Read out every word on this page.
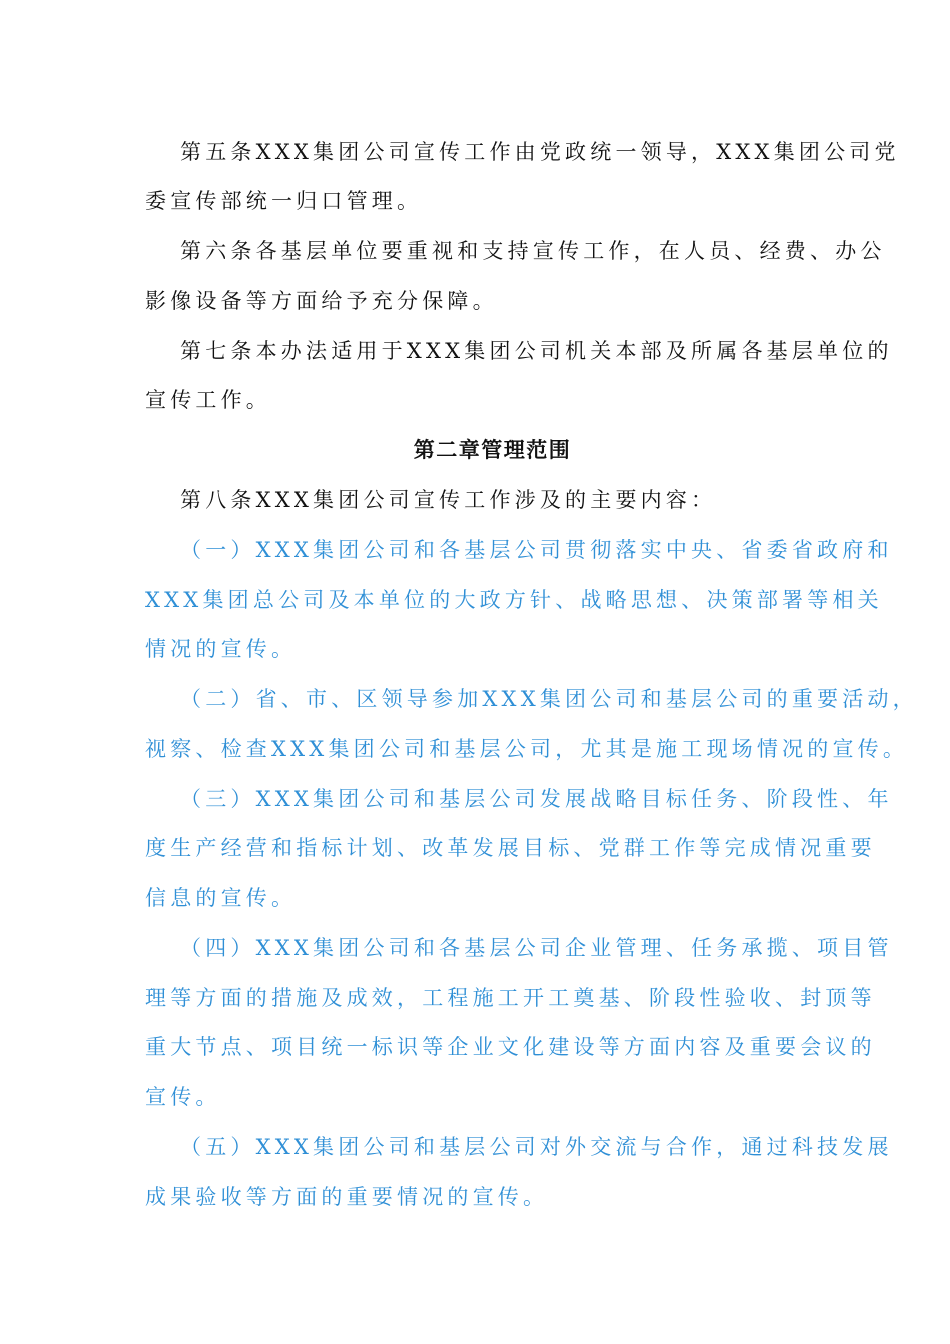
第五条XXX集团公司宣传工作由党政统一领导，XXX集团公司党
委宣传部统一归口管理。
第六条各基层单位要重视和支持宣传工作，在人员、经费、办公
影像设备等方面给予充分保障。
第七条本办法适用于XXX集团公司机关本部及所属各基层单位的
宣传工作。
第二章管理范围
第八条XXX集团公司宣传工作涉及的主要内容：
（一）XXX集团公司和各基层公司贯彻落实中央、省委省政府和
XXX集团总公司及本单位的大政方针、战略思想、决策部署等相关
情况的宣传。
（二）省、市、区领导参加XXX集团公司和基层公司的重要活动，
视察、检查XXX集团公司和基层公司，尤其是施工现场情况的宣传。
（三）XXX集团公司和基层公司发展战略目标任务、阶段性、年
度生产经营和指标计划、改革发展目标、党群工作等完成情况重要
信息的宣传。
（四）XXX集团公司和各基层公司企业管理、任务承揽、项目管
理等方面的措施及成效，工程施工开工奠基、阶段性验收、封顶等
重大节点、项目统一标识等企业文化建设等方面内容及重要会议的
宣传。
（五）XXX集团公司和基层公司对外交流与合作，通过科技发展
成果验收等方面的重要情况的宣传。
